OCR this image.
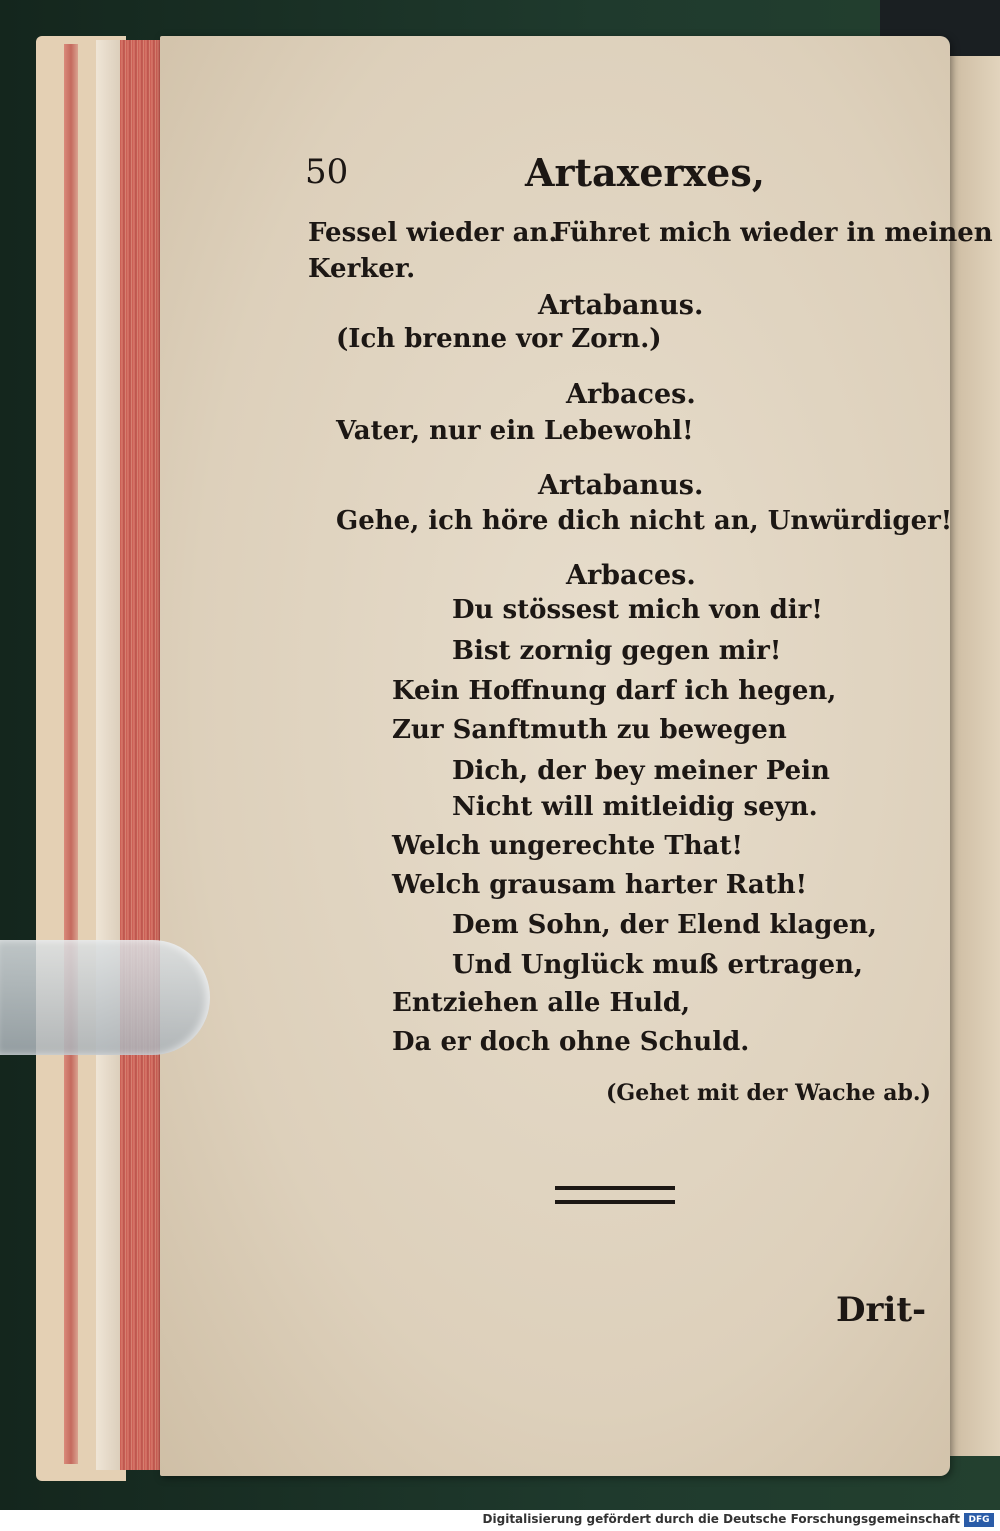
50	Artaxerxes,
Fessel wieder an.
Führet mich wieder in meinen
Kerker.
Artabanus.
(Ich brenne vor Zorn.)
Arbaces.
Vater, nur ein Lebewohl!
Artabanus.
Gehe, ich höre dich nicht an, Unwürdiger!
Arbaces.
Du stössest mich von dir!
Bist zornig gegen mir!
Kein Hoffnung darf ich hegen,
Zur Sanftmuth zu bewegen
Dich, der bey meiner Pein
Nicht will mitleidig seyn.
Welch ungerechte That!
Welch grausam harter Rath!
Dem Sohn, der Elend klagen,
Und Unglück muß ertragen,
Entziehen alle Huld,
Da er doch ohne Schuld.
(Gehet mit der Wache ab.)
Drit-
Digitalisierung gefördert durch die Deutsche Forschungsgemeinschaft DFG
